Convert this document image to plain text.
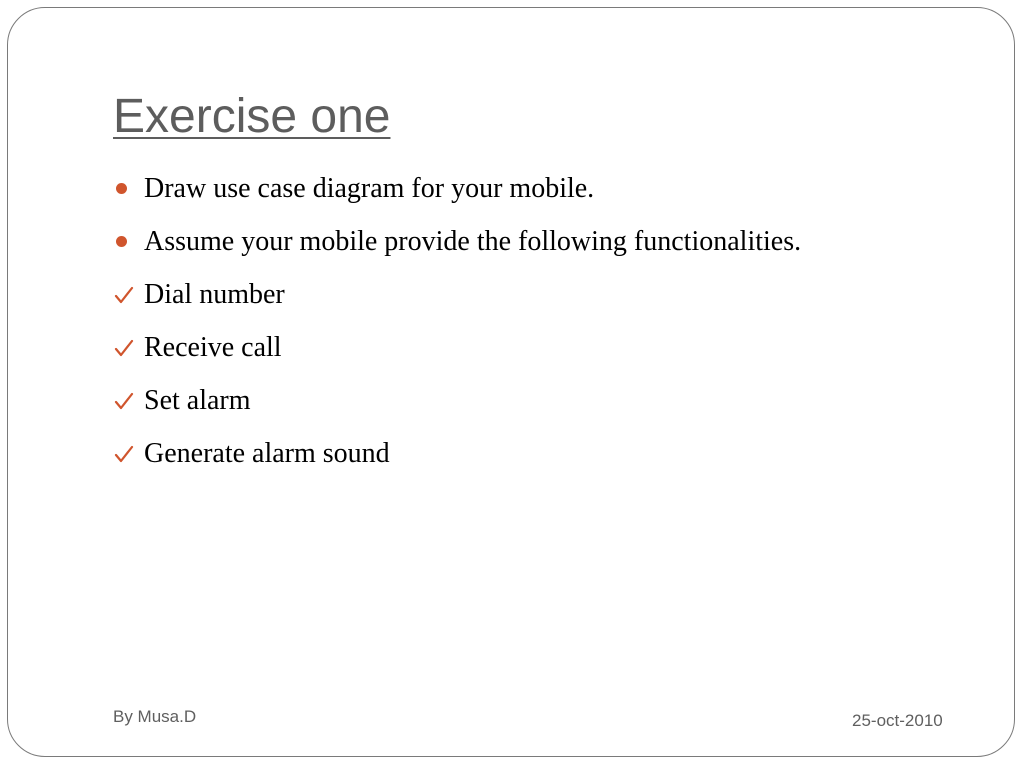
Exercise one
Draw use case diagram for your mobile.
Assume your mobile provide the following functionalities.
Dial number
Receive call
Set alarm
Generate alarm sound
By Musa.D	25-oct-2010
